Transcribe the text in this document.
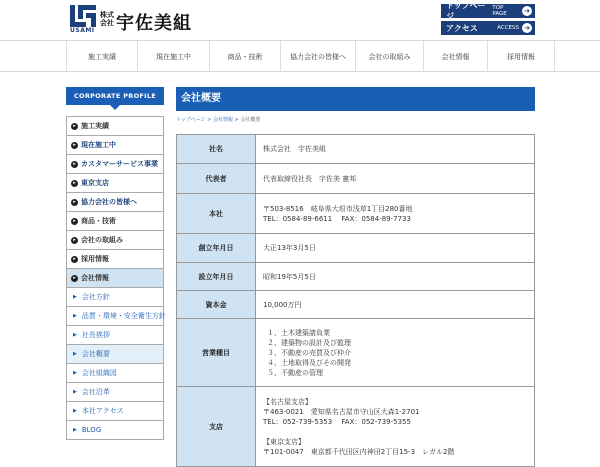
USAMI
株式会社 宇佐美組
トップページ
TOP PAGE	➔
アクセス	ACCESS ➔
施工実績	現在施工中	商品・技術	協力会社の皆様へ	会社の取組み	会社情報	採用情報
CORPORATE PROFILE
▸ 施工実績
▸ 現在施工中
▸ カスタマーサービス事業
▸ 東京支店
▸ 協力会社の皆様へ
▸ 商品・技術
▸ 会社の取組み
▸ 採用情報
▸ 会社情報
▶ 会社方針
▶ 品質・環境・安全衛生方針
▶ 社長挨拶
▶ 会社概要
▶ 会社組織図
▶ 会社沿革
▶ 本社アクセス
▶ BLOG
会社概要
トップページ > 会社情報 > 会社概要
社名	株式会社　宇佐美組

代表者	代表取締役社長　宇佐美 憲邦

本社	〒503-8516　岐阜県大垣市浅草1丁目280番地
TEL：0584-89-6611　 FAX：0584-89-7733

創立年月日	大正13年3月5日

設立年月日	昭和19年5月5日

資本金	10,000万円

営業種目	１、土木建築請負業
２、建築物の設計及び監理
３、不動産の売買及び仲介
４、土地取得及びその開発
５、不動産の管理

支店	【名古屋支店】
〒463-0021　愛知県名古屋市守山区大森1-2701
TEL：052-739-5353　 FAX：052-739-5355
【東京支店】
〒101-0047　東京都千代田区内神田2丁目15-3　レガル2階
